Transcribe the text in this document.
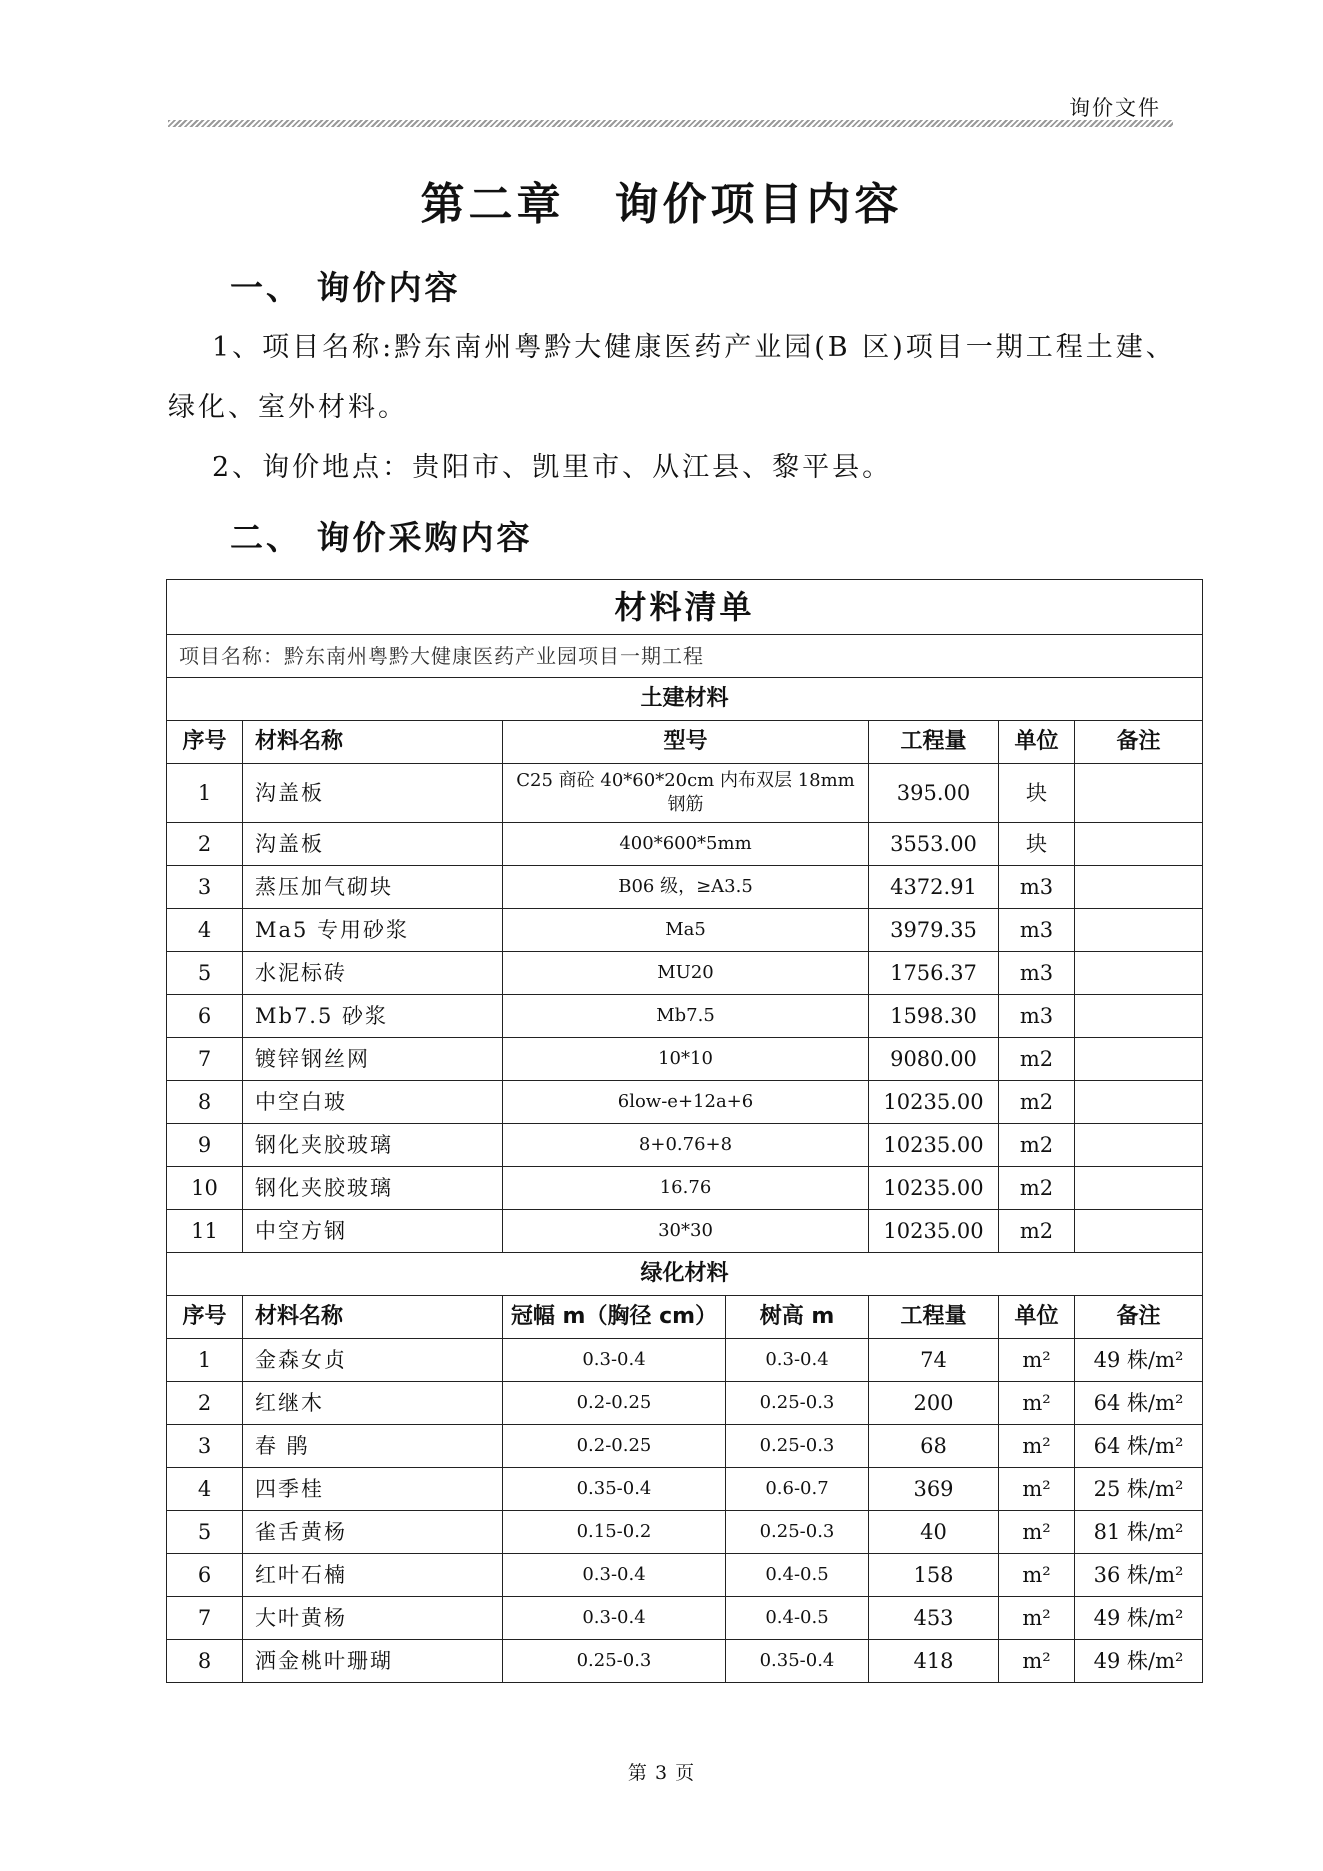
询价文件
第二章 询价项目内容
一、 询价内容
1、项目名称:黔东南州粤黔大健康医药产业园(B 区)项目一期工程土建、绿化、室外材料。
2、询价地点：贵阳市、凯里市、从江县、黎平县。
二、 询价采购内容
材料清单						
项目名称：黔东南州粤黔大健康医药产业园项目一期工程						
土建材料						
序号	材料名称	型号		工程量	单位	备注
1	沟盖板	C25 商砼 40*60*20cm 内布双层 18mm 钢筋		395.00	块	
2	沟盖板	400*600*5mm		3553.00	块	
3	蒸压加气砌块	B06 级，≥A3.5		4372.91	m3	
4	Ma5 专用砂浆	Ma5		3979.35	m3	
5	水泥标砖	MU20		1756.37	m3	
6	Mb7.5 砂浆	Mb7.5		1598.30	m3	
7	镀锌钢丝网	10*10		9080.00	m2	
8	中空白玻	6low-e+12a+6		10235.00	m2	
9	钢化夹胶玻璃	8+0.76+8		10235.00	m2	
10	钢化夹胶玻璃	16.76		10235.00	m2	
11	中空方钢	30*30		10235.00	m2	
绿化材料						
序号	材料名称	冠幅 m（胸径 cm）	树高 m	工程量	单位	备注
1	金森女贞	0.3-0.4	0.3-0.4	74	m²	49 株/m²
2	红继木	0.2-0.25	0.25-0.3	200	m²	64 株/m²
3	春 鹃	0.2-0.25	0.25-0.3	68	m²	64 株/m²
4	四季桂	0.35-0.4	0.6-0.7	369	m²	25 株/m²
5	雀舌黄杨	0.15-0.2	0.25-0.3	40	m²	81 株/m²
6	红叶石楠	0.3-0.4	0.4-0.5	158	m²	36 株/m²
7	大叶黄杨	0.3-0.4	0.4-0.5	453	m²	49 株/m²
8	洒金桃叶珊瑚	0.25-0.3	0.35-0.4	418	m²	49 株/m²
第 3 页
